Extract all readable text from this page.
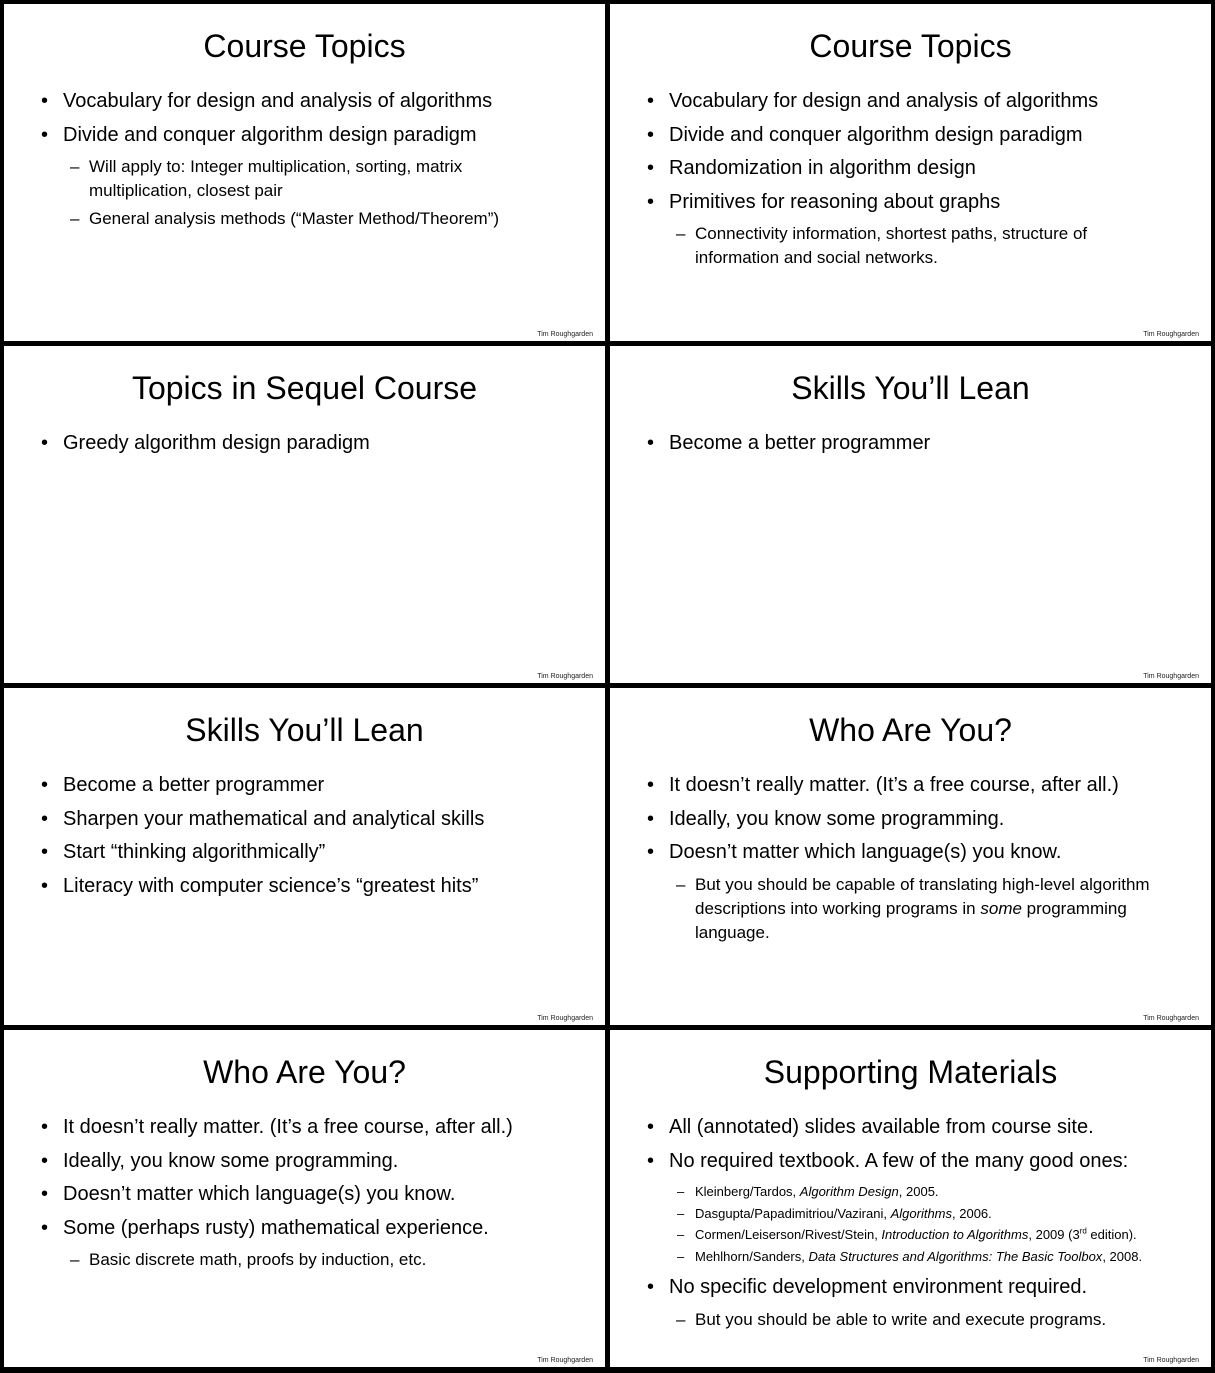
Course Topics
• Vocabulary for design and analysis of algorithms
• Divide and conquer algorithm design paradigm
– Will apply to: Integer multiplication, sorting, matrix multiplication, closest pair
– General analysis methods (“Master Method/Theorem”)
Tim Roughgarden
Course Topics
• Vocabulary for design and analysis of algorithms
• Divide and conquer algorithm design paradigm
• Randomization in algorithm design
• Primitives for reasoning about graphs
– Connectivity information, shortest paths, structure of information and social networks.
Tim Roughgarden
Topics in Sequel Course
• Greedy algorithm design paradigm
Tim Roughgarden
Skills You’ll Lean
• Become a better programmer
Tim Roughgarden
Skills You’ll Lean
• Become a better programmer
• Sharpen your mathematical and analytical skills
• Start “thinking algorithmically”
• Literacy with computer science’s “greatest hits”
Tim Roughgarden
Who Are You?
• It doesn’t really matter. (It’s a free course, after all.)
• Ideally, you know some programming.
• Doesn’t matter which language(s) you know.
– But you should be capable of translating high-level algorithm descriptions into working programs in some programming language.
Tim Roughgarden
Who Are You?
• It doesn’t really matter. (It’s a free course, after all.)
• Ideally, you know some programming.
• Doesn’t matter which language(s) you know.
• Some (perhaps rusty) mathematical experience.
– Basic discrete math, proofs by induction, etc.
Tim Roughgarden
Supporting Materials
• All (annotated) slides available from course site.
• No required textbook. A few of the many good ones:
– Kleinberg/Tardos, Algorithm Design, 2005.
– Dasgupta/Papadimitriou/Vazirani, Algorithms, 2006.
– Cormen/Leiserson/Rivest/Stein, Introduction to Algorithms, 2009 (3rd edition).
– Mehlhorn/Sanders, Data Structures and Algorithms: The Basic Toolbox, 2008.
• No specific development environment required.
– But you should be able to write and execute programs.
Tim Roughgarden
